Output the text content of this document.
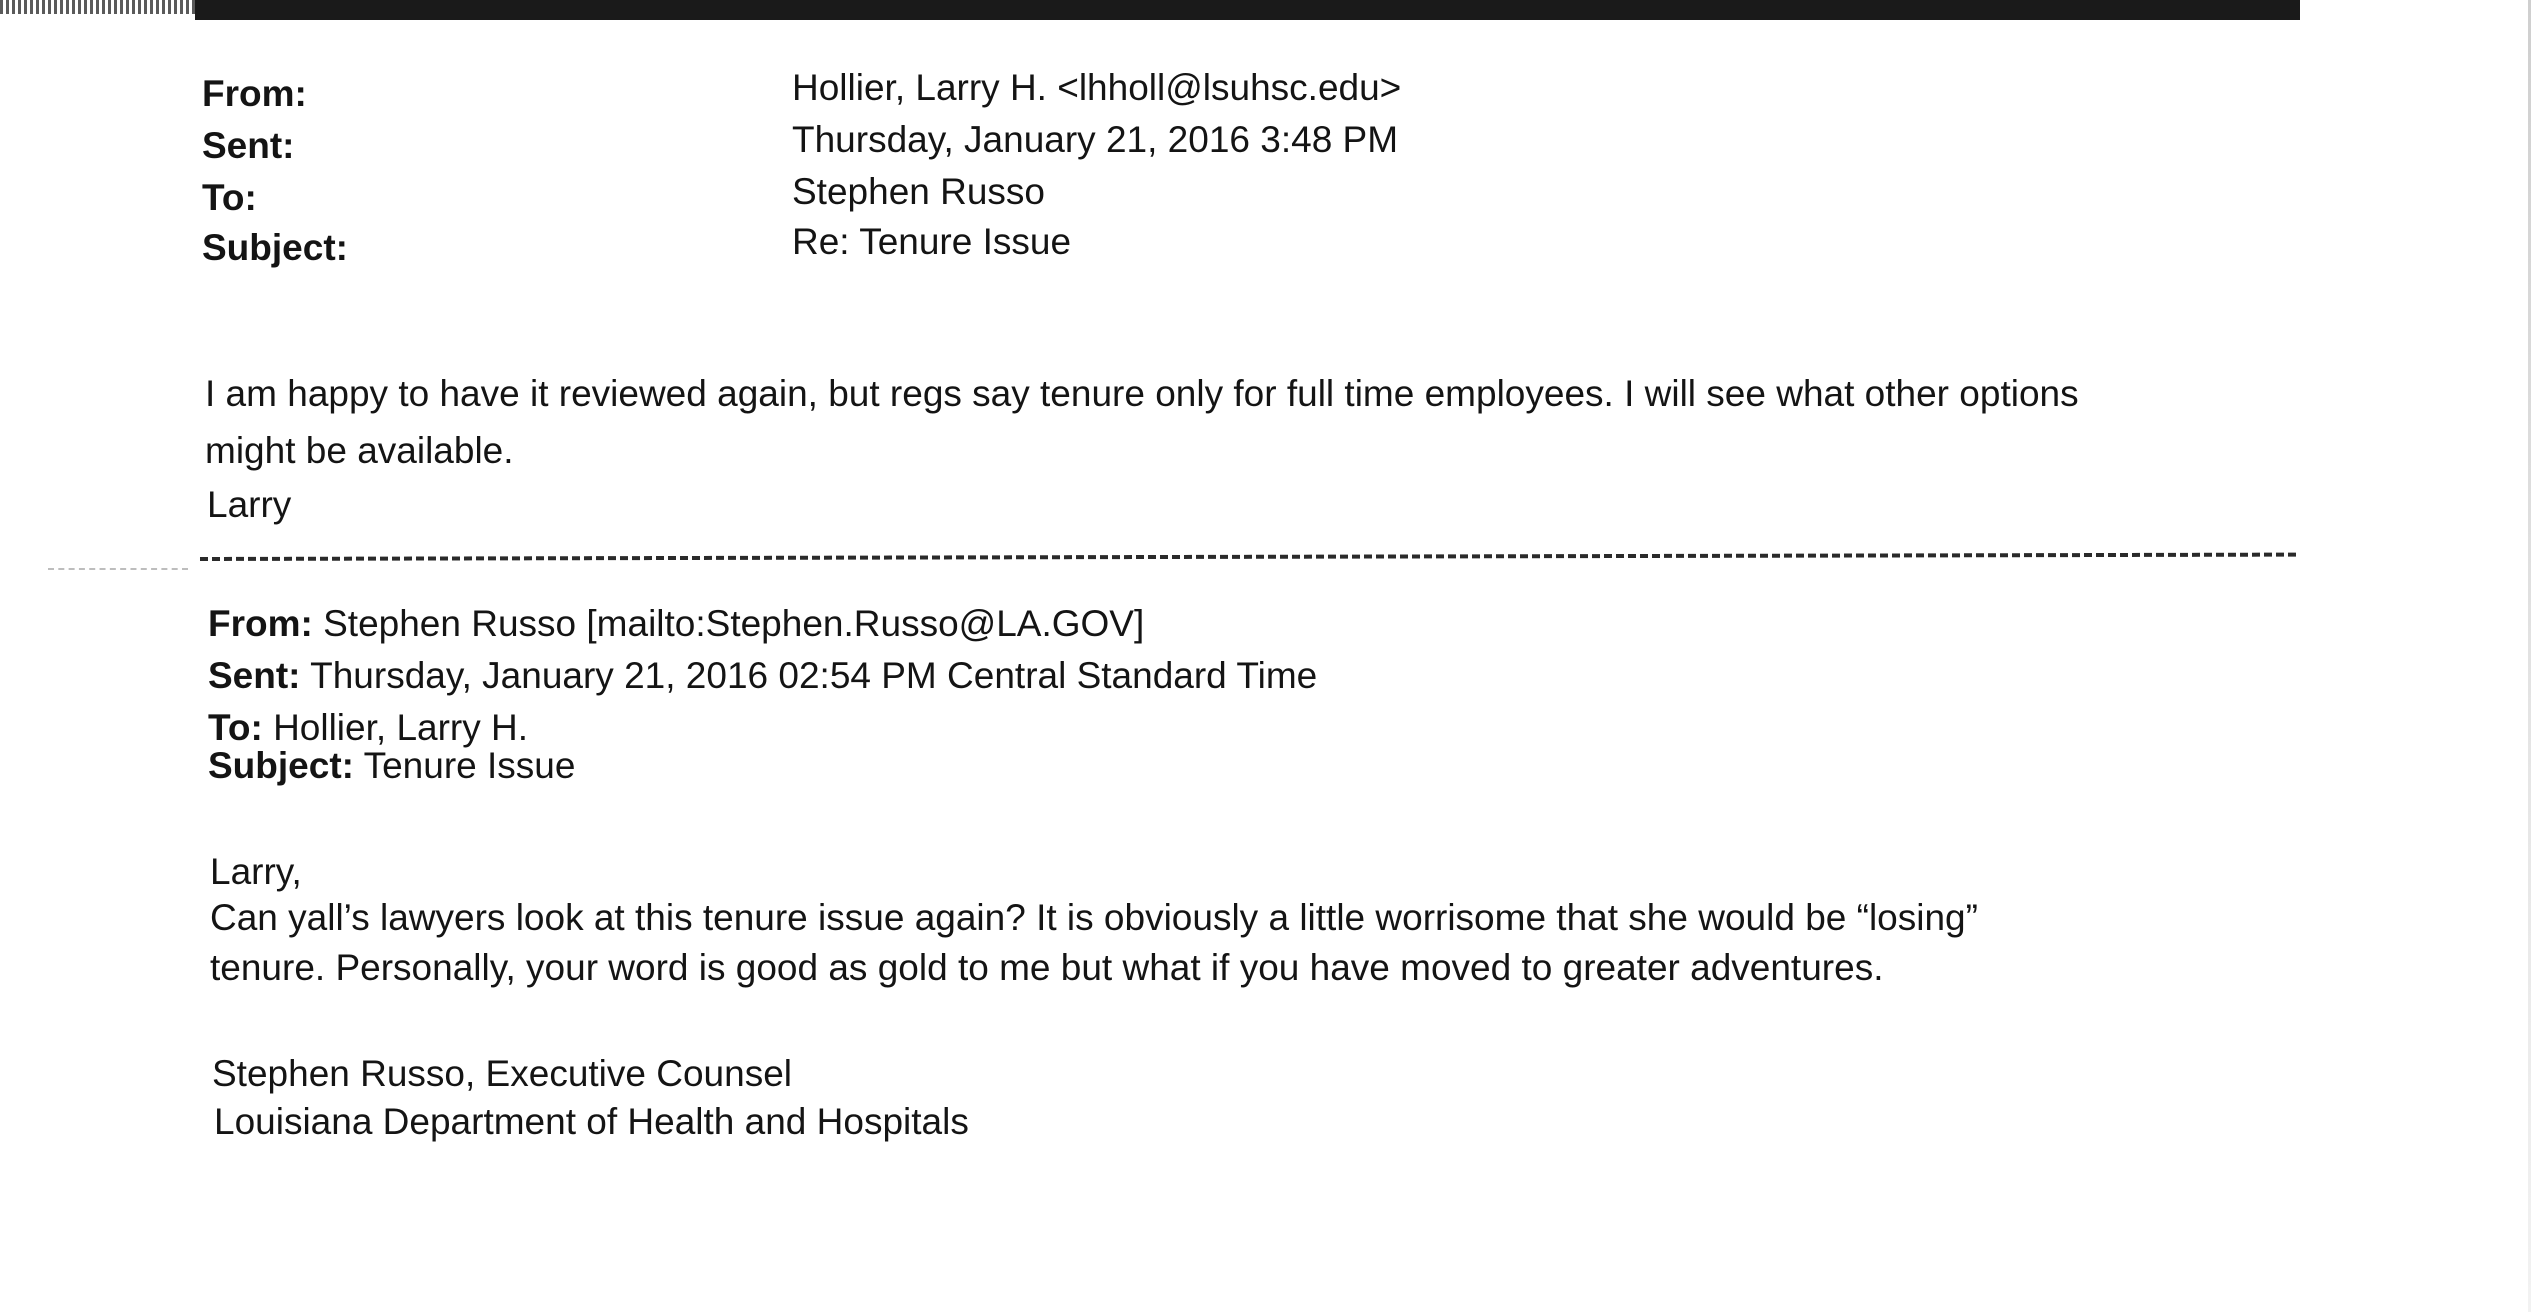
From:	Hollier, Larry H. <lhholl@lsuhsc.edu>
Sent:	Thursday, January 21, 2016 3:48 PM
To:	Stephen Russo
Subject:	Re: Tenure Issue
I am happy to have it reviewed again, but regs say tenure only for full time employees. I will see what other options
might be available.
Larry
From: Stephen Russo [mailto:Stephen.Russo@LA.GOV]
Sent: Thursday, January 21, 2016 02:54 PM Central Standard Time
To: Hollier, Larry H.
Subject: Tenure Issue
Larry,
Can yall’s lawyers look at this tenure issue again? It is obviously a little worrisome that she would be “losing”
tenure. Personally, your word is good as gold to me but what if you have moved to greater adventures.
Stephen Russo, Executive Counsel
Louisiana Department of Health and Hospitals
